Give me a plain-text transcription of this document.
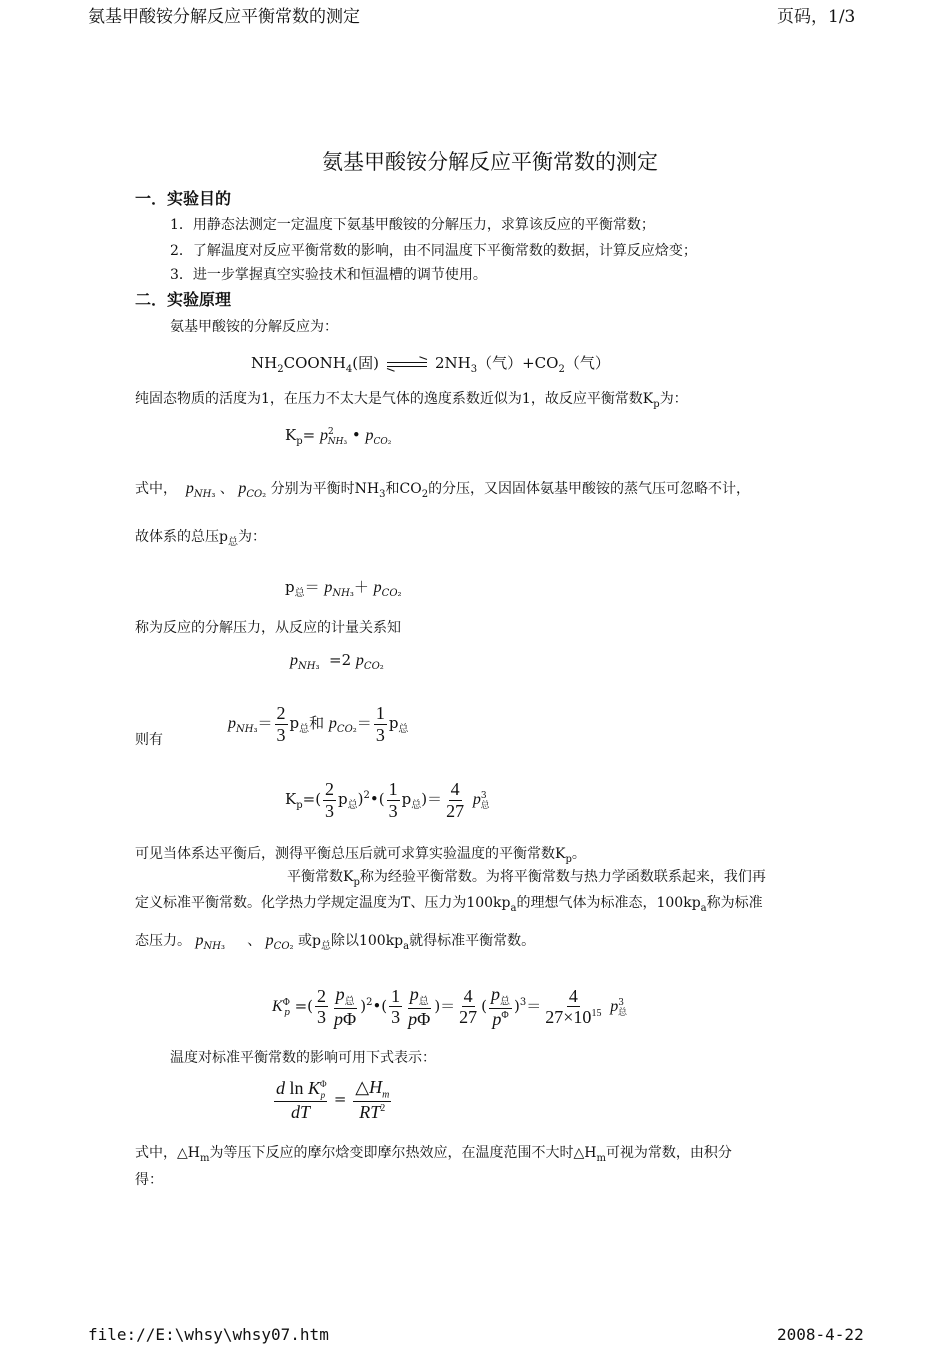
氨基甲酸铵分解反应平衡常数的测定	页码，1/3
氨基甲酸铵分解反应平衡常数的测定
一．实验目的
1．用静态法测定一定温度下氨基甲酸铵的分解压力，求算该反应的平衡常数；
2．了解温度对反应平衡常数的影响，由不同温度下平衡常数的数据，计算反应焓变；
3．进一步掌握真空实验技术和恒温槽的调节使用。
二．实验原理
氨基甲酸铵的分解反应为：
$NH_2COONH_4$(固)	$2NH_3$（气）$+CO_2$（气）
纯固态物质的活度为1，在压力不太大是气体的逸度系数近似为1，故反应平衡常数$K_p$为：
$K_p= p^2_{NH_3}$ • $p_{CO_2}$
式中， $p_{NH_3}$ 、 $p_{CO_2}$ 分别为平衡时$NH_3$和$CO_2$的分压，又因固体氨基甲酸铵的蒸气压可忽略不计，
故体系的总压$p_总$为：
$p_总= p_{NH_3}+ p_{CO_2}$
称为反应的分解压力，从反应的计量关系知
$p_{NH_3} =2$ $p_{CO_2}$
则有
$p_{NH_3}= \frac{2}{3} p_总$和 $p_{CO_2}= \frac{1}{3} p_总$
$K_p=( \frac{2}{3}$ $p_总)^2•( \frac{1}{3} p_总)= \frac{4}{27} p^3_总$
可见当体系达平衡后，测得平衡总压后就可求算实验温度的平衡常数$K_p$。
平衡常数$K_p$称为经验平衡常数。为将平衡常数与热力学函数联系起来，我们再
定义标准平衡常数。化学热力学规定温度为T、压力为$100kp_a$的理想气体为标准态，$100kp_a$称为标准
态压力。 $p_{NH_3}$ 、 $p_{CO_2}$ 或$p_总$除以$100kp_a$就得标准平衡常数。
$K^\Phi_p$ =( $\frac{2}{3} \frac{p_总}{p\Phi}$ )$^2$•( $\frac{1}{3} \frac{p_总}{p\Phi}$ )＝ $\frac{4}{27}$ ( $\frac{p_总}{p^\Phi} )^3= \frac{4}{27\times 10^{15}} p^3_总$
温度对标准平衡常数的影响可用下式表示：
$\frac{d \ln K^\Phi_p}{dT} = \frac{\triangle H_m}{RT^2}$
式中，$\triangle H_m$为等压下反应的摩尔焓变即摩尔热效应，在温度范围不大时$\triangle H_m$可视为常数，由积分
得：
file://E:\whsy\whsy07.htm	2008-4-22
